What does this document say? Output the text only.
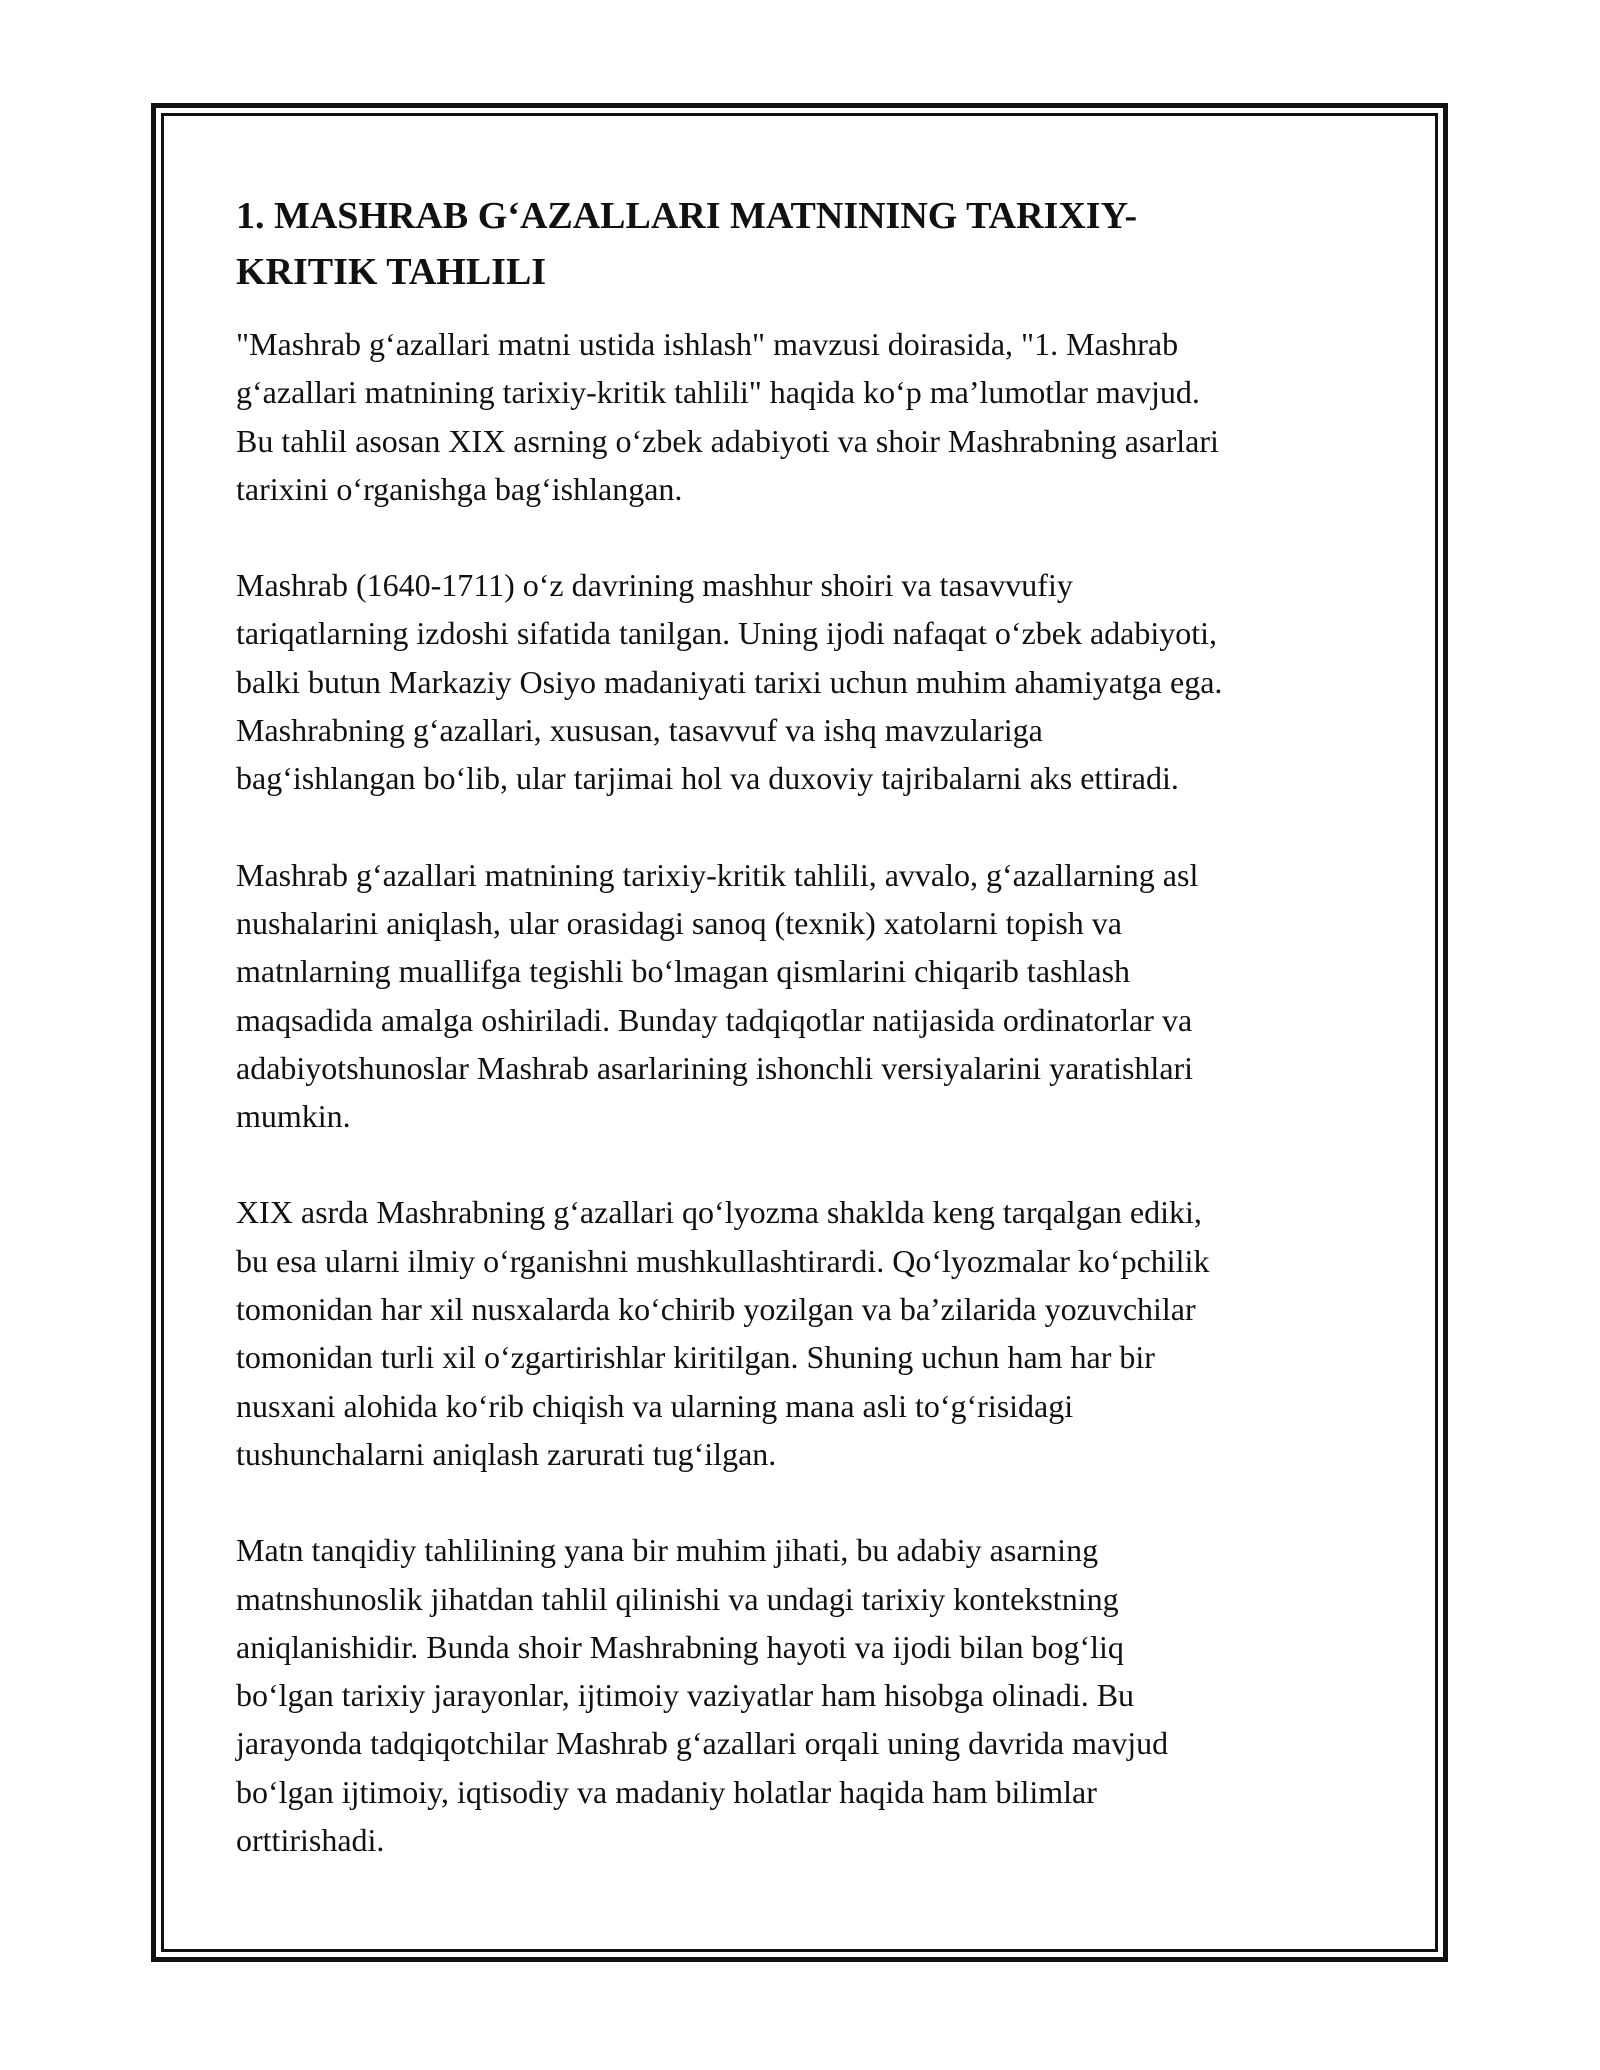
1. MASHRAB G‘AZALLARI MATNINING TARIXIY-
KRITIK TAHLILI

"Mashrab g‘azallari matni ustida ishlash" mavzusi doirasida, "1. Mashrab
g‘azallari matnining tarixiy-kritik tahlili" haqida ko‘p ma’lumotlar mavjud.
Bu tahlil asosan XIX asrning o‘zbek adabiyoti va shoir Mashrabning asarlari
tarixini o‘rganishga bag‘ishlangan.

Mashrab (1640-1711) o‘z davrining mashhur shoiri va tasavvufiy
tariqatlarning izdoshi sifatida tanilgan. Uning ijodi nafaqat o‘zbek adabiyoti,
balki butun Markaziy Osiyo madaniyati tarixi uchun muhim ahamiyatga ega.
Mashrabning g‘azallari, xususan, tasavvuf va ishq mavzulariga
bag‘ishlangan bo‘lib, ular tarjimai hol va duxoviy tajribalarni aks ettiradi.

Mashrab g‘azallari matnining tarixiy-kritik tahlili, avvalo, g‘azallarning asl
nushalarini aniqlash, ular orasidagi sanoq (texnik) xatolarni topish va
matnlarning muallifga tegishli bo‘lmagan qismlarini chiqarib tashlash
maqsadida amalga oshiriladi. Bunday tadqiqotlar natijasida ordinatorlar va
adabiyotshunoslar Mashrab asarlarining ishonchli versiyalarini yaratishlari
mumkin.

XIX asrda Mashrabning g‘azallari qo‘lyozma shaklda keng tarqalgan ediki,
bu esa ularni ilmiy o‘rganishni mushkullashtirardi. Qo‘lyozmalar ko‘pchilik
tomonidan har xil nusxalarda ko‘chirib yozilgan va ba’zilarida yozuvchilar
tomonidan turli xil o‘zgartirishlar kiritilgan. Shuning uchun ham har bir
nusxani alohida ko‘rib chiqish va ularning mana asli to‘g‘risidagi
tushunchalarni aniqlash zarurati tug‘ilgan.

Matn tanqidiy tahlilining yana bir muhim jihati, bu adabiy asarning
matnshunoslik jihatdan tahlil qilinishi va undagi tarixiy kontekstning
aniqlanishidir. Bunda shoir Mashrabning hayoti va ijodi bilan bog‘liq
bo‘lgan tarixiy jarayonlar, ijtimoiy vaziyatlar ham hisobga olinadi. Bu
jarayonda tadqiqotchilar Mashrab g‘azallari orqali uning davrida mavjud
bo‘lgan ijtimoiy, iqtisodiy va madaniy holatlar haqida ham bilimlar
orttirishadi.
